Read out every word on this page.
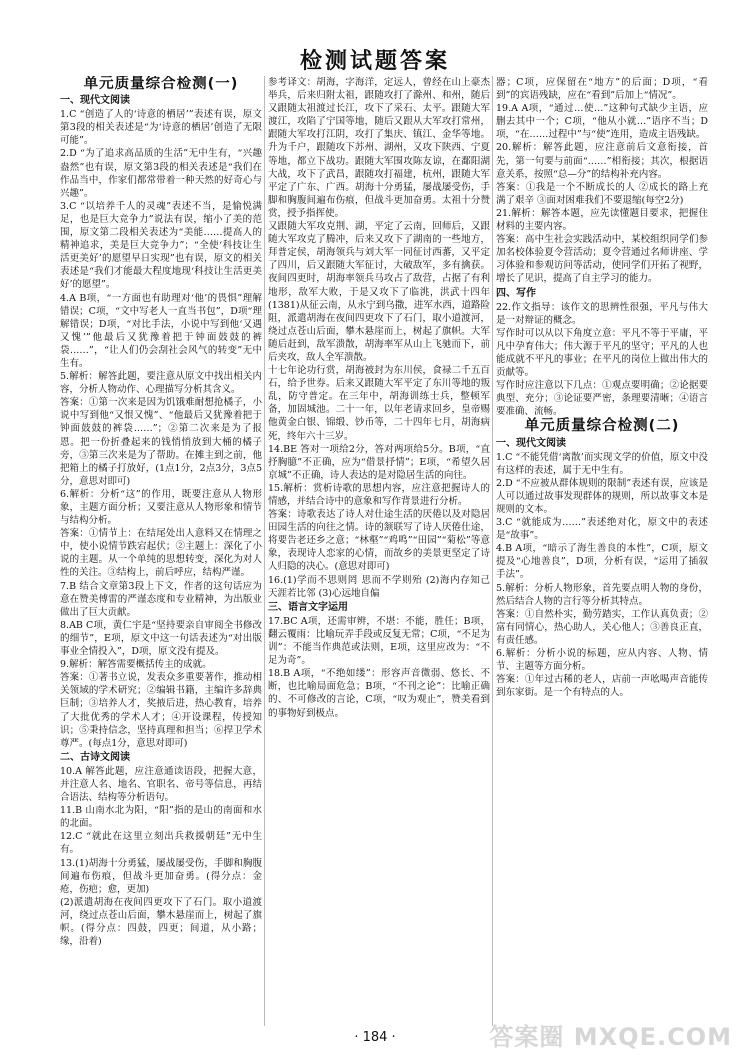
检测试题答案
单元质量综合检测(一)
一、现代文阅读
1.C “创造了人的‘诗意的栖居’”表述有误，原文第3段的相关表述是“为‘诗意的栖居’创造了无限可能”。
2.D “为了追求高品质的生活”无中生有，“兴趣盎然”也有误，原文第3段的相关表述是“我们在作品当中，作家们都常带着一种天然的好奇心与兴趣”。
3.C “以培养千人的灵魂”表述不当，是愉悦满足，也是巨大竞争力”说法有误，缩小了美的范围，原文第二段相关表述为“美能……提高人的精神追求，美是巨大竞争力”；“全使‘科技让生活更美好’的愿望早日实现”也有误，原文的相关表述是“我们才能最大程度地现‘科技让生活更美好’的愿望”。
4.A B项，“一方面也有助理对‘他’的畏惧”理解错误；C项，“文中写老人一直当书包”，D项“理解错误；D项，“对比手法，小说中写到他‘又遇又愧’”他最后又犹豫着把于钟面鼓鼓的裤袋……”，“让人们仍会刮社会风气的转变”无中生有。
5.解析：解答此题，要注意从原文中找出相关内容，分析人物动作、心理描写分析其含义。
答案：①第一次来是因为饥饿难耐想抢橘子，小说中写到他“又恨又愧”、“他最后又犹豫着把于钟面鼓鼓的裤袋……”；②第二次来是为了报恩。把一份折叠起来的钱悄悄放到大桶的橘子旁，③第三次来是为了帮助。在摊主到之前，他把箱上的橘子打放好，(1点1分，2点3分，3点5分，意思对即可)
6.解析：分析“这”的作用，既要注意从人物形象，主题方面分析；又要注意从人物形象和情节与结构分析。
答案：①情节上：在结尾处出人意料又在情理之中，使小说情节跌宕起伏；②主题上：深化了小说的主题。从一个单纯的思想转变，深化为对人性的关注。③结构上，前后呼应，结构严谨。
7.B 结合文章第3段上下文，作者的这句话应为意在赞美傅雷的严谨态度和专业精神，为出版业做出了巨大贡献。
8.AB C项，黄仁宇是“坚持要亲自审阅全书修改的细节”，E项，原文中这一句话表述为“对出版事业全情投入”，D项，原文没有提及。
9.解析：解答需要概括传主的成就。
答案：①著书立说，发表众多重要著作，推动相关领域的学术研究；②编辑书籍，主编许多辞典巨制；③培养人才，奖掖后进，热心教育，培养了大批优秀的学术人才；④开设课程，传授知识；⑤秉持信念，坚持真理和担当；⑥捍卫学术尊严。(每点1分，意思对即可)
二、古诗文阅读
10.A 解答此题，应注意通读语段，把握大意，并注意人名、地名、官职名、帝号等信息，再结合语法、结构等分析语句。
11.B 山南水北为阳，“阳”指的是山的南面和水的北面。
12.C “就此在这里立刻出兵救援朝廷”无中生有。
13.(1)胡海十分勇猛，屡战屡受伤，手脚和胸腹间遍布伤痕，但战斗更加奋勇。(得分点：金疮，伤疤；愈，更加)
(2)派遣胡海在夜间四更攻下了石门。取小道渡河，绕过点苍山后面，攀木悬崖而上，树起了旗帜。(得分点：四鼓，四更；间道，从小路；缘，沿着)
参考译文：胡海，字海洋，定远人，曾经在山上豪杰举兵，后来归附太祖，跟随攻打了滁州、和州，随后又跟随太祖渡过长江，攻下了采石、太平。跟随大军渡江，攻陷了宁国等地，随后又跟从大军攻打常州，跟随大军攻打江阴，攻打了集庆、镇江、金华等地。升为千户，跟随攻下苏州、湖州，又攻下陕西、宁夏等地，都立下战功。跟随大军围攻陈友谅，在鄱阳湖大战，攻下了武昌，跟随攻打福建，杭州，跟随大军平定了广东、广西。胡海十分勇猛，屡战屡受伤，手脚和胸腹间遍布伤痕，但战斗更加奋勇。太祖十分赞赏，授予指挥使。
又跟随大军攻克荆、湖，平定了云南，回师后，又跟随大军攻克了腾冲，后来又攻下了湖南的一些地方，拜普定侯，胡海领兵与刘大军一同征讨西蕃，又平定了四川，后又跟随大军征讨，大破敌军，多有擒获。夜间四更时，胡海率领兵马攻占了敌营，占据了有利地形，敌军大败，于是又攻下了临洮，洪武十四年(1381)从征云南，从永宁到乌撒，进军水西，道路险阻，派遣胡海在夜间四更攻下了石门，取小道渡河，绕过点苍山后面，攀木悬崖而上，树起了旗帜。大军随后赶到，敌军溃散，胡海率军从山上飞驰而下，前后夹攻，敌人全军溃散。
十七年论功行赏，胡海被封为东川侯，食禄二千五百石，给予世券。后来又跟随大军平定了东川等地的叛乱，防守普定。在三年中，胡海训练士兵，整顿军备，加固城池。二十一年，以年老请求回乡，皇帝赐他黄金白银、锦缎、钞币等，二十四年七月，胡海病死，终年六十三岁。
14.BE 答对一项给2分，答对两项给5分。B项，“直抒胸臆”不正确，应为“借景抒情”；E项，“希望久居京城”不正确，诗人表达的是对隐居生活的向往。
15.解析：赏析诗歌的思想内容，应注意把握诗人的情感，并结合诗中的意象和写作背景进行分析。
答案：诗歌表达了诗人对仕途生活的厌倦以及对隐居田园生活的向往之情。诗的颔联写了诗人厌倦仕途，将要告老还乡之意；“林壑”“鸡鸣”“田园”“菊松”等意象，表现诗人恋家的心情，而故乡的美景更坚定了诗人归隐的决心。(意思对即可)
16.(1)学而不思则罔 思而不学则殆 (2)海内存知己 天涯若比邻 (3)心远地自偏
三、语言文字运用
17.BC A项，还需审辨，不堪：不能，胜任；B项，翻云覆雨：比喻玩弄手段或反复无常；C项，“不足为训”：不能当作典范或法则，E项，这里应改为：“不足为奇”。
18.B A项，“不绝如缕”：形容声音微弱、悠长、不断，也比喻局面危急；B项，“不刊之论”：比喻正确的、不可修改的言论，C项，“叹为观止”，赞美看到的事物好到极点。
器；C项，应保留在“地方”的后面；D项，“看到”的宾语残缺，应在“看到”后加上“情况”。
19.A A项，“通过…使…”这种句式缺少主语，应删去其中一个；C项，“他从小就…”语序不当；D项，“在……过程中”与“使”连用，造成主语残缺。
20.解析：解答此题，应注意前后文意衔接，首先，第一句要与前面“……”相衔接；其次，根据语意关系，按照“总—分”的结构补充内容。
答案：①我是一个不断成长的人 ②成长的路上充满了艰辛 ③面对困难我们不要退缩(每空2分)
21.解析：解答本题，应先读懂题目要求，把握住材料的主要内容。
答案：高中生社会实践活动中，某校组织同学们参加名校体验夏令营活动；夏令营通过名师讲座、学习体验和参观访问等活动，使同学们开拓了视野，增长了见识，提高了自主学习的能力。
四、写作
22.作文指导：该作文的思辨性很强，平凡与伟大是一对辩证的概念。
写作时可以从以下角度立意：平凡不等于平庸，平凡中孕育伟大；伟大源于平凡的坚守；平凡的人也能成就不平凡的事业；在平凡的岗位上做出伟大的贡献等。
写作时应注意以下几点：①观点要明确；②论据要典型、充分；③论证要严密，条理要清晰；④语言要准确、流畅。
单元质量综合检测(二)
一、现代文阅读
1.C “不能凭借‘离散’而实现文学的价值，原文中没有这样的表述，属于无中生有。
2.D “不应被从群体规则的限制”表述有误，应该是人可以通过故事发现群体的规则，所以故事文本是规则的文本。
3.C “就能成为……”表述绝对化，原文中的表述是“故事”。
4.B A项，“暗示了海生善良的本性”，C项，原文提及“心地善良”，D项，分析有误，“运用了插叙手法”。
5.解析：分析人物形象，首先要点明人物的身份，然后结合人物的言行等分析其特点。
答案：①自然朴实，勤劳踏实，工作认真负责；②富有同情心，热心助人，关心他人；③善良正直，有责任感。
6.解析：分析小说的标题，应从内容、人物、情节、主题等方面分析。
答案：①年过古稀的老人，店前一声吆喝声音能传到东家街。是一个有特点的人。
· 184 ·	答案圈 MXQE.COM
